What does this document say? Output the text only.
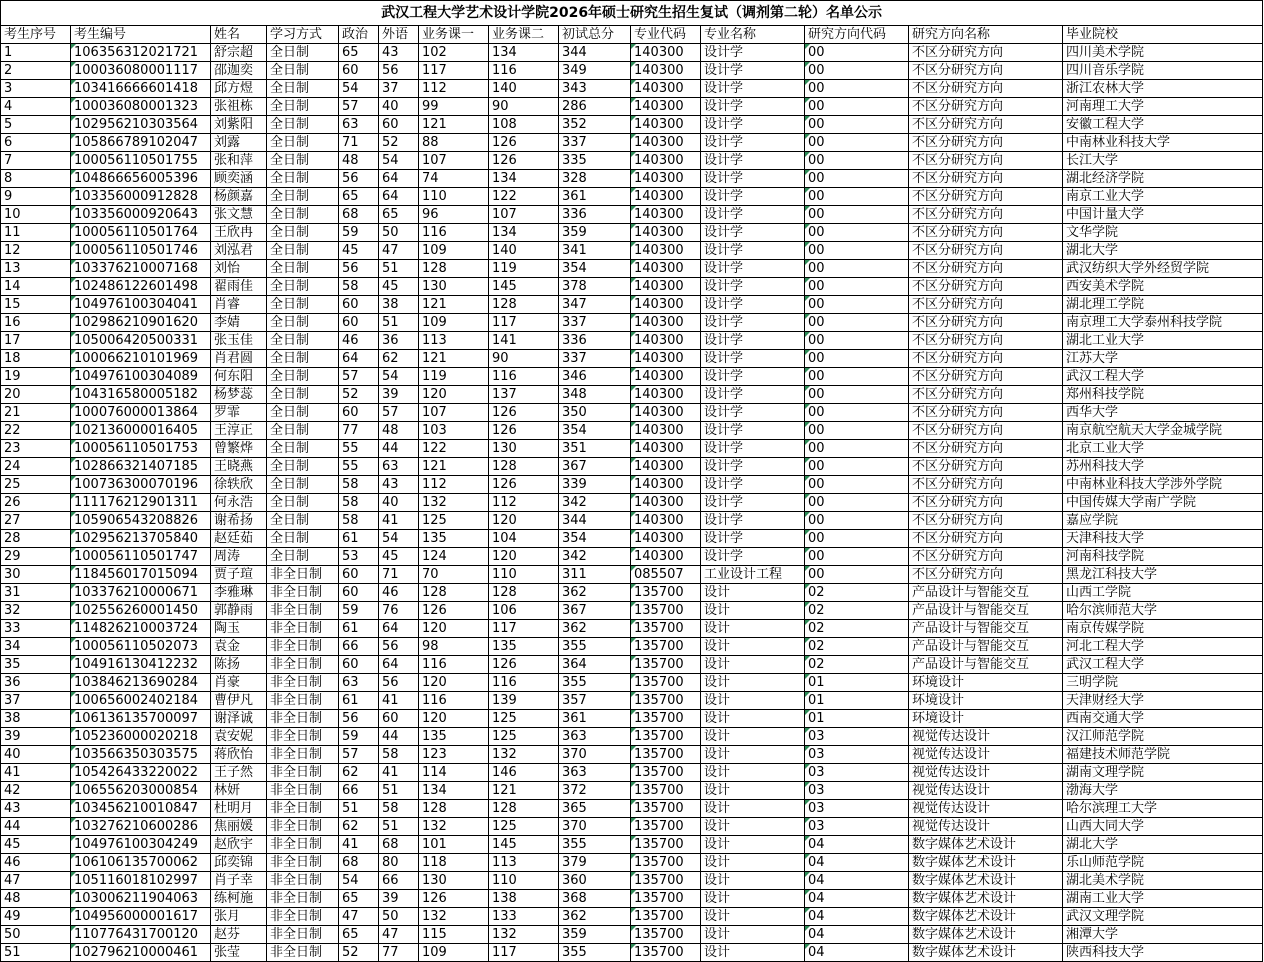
武汉工程大学艺术设计学院2026年硕士研究生招生复试（调剂第二轮）名单公示													
考生序号	考生编号	姓名	学习方式	政治	外语	业务课一	业务课二	初试总分	专业代码	专业名称	研究方向代码	研究方向名称	毕业院校
1	106356312021721	舒宗超	全日制	65	43	102	134	344	140300	设计学	00	不区分研究方向	四川美术学院
2	100036080001117	邵迦奕	全日制	60	56	117	116	349	140300	设计学	00	不区分研究方向	四川音乐学院
3	103416666601418	邱方煜	全日制	54	37	112	140	343	140300	设计学	00	不区分研究方向	浙江农林大学
4	100036080001323	张祖栋	全日制	57	40	99	90	286	140300	设计学	00	不区分研究方向	河南理工大学
5	102956210303564	刘紫阳	全日制	63	60	121	108	352	140300	设计学	00	不区分研究方向	安徽工程大学
6	105866789102047	刘露	全日制	71	52	88	126	337	140300	设计学	00	不区分研究方向	中南林业科技大学
7	100056110501755	张和萍	全日制	48	54	107	126	335	140300	设计学	00	不区分研究方向	长江大学
8	104866656005396	顾奕涵	全日制	56	64	74	134	328	140300	设计学	00	不区分研究方向	湖北经济学院
9	103356000912828	杨颜嘉	全日制	65	64	110	122	361	140300	设计学	00	不区分研究方向	南京工业大学
10	103356000920643	张文慧	全日制	68	65	96	107	336	140300	设计学	00	不区分研究方向	中国计量大学
11	100056110501764	王欣冉	全日制	59	50	116	134	359	140300	设计学	00	不区分研究方向	文华学院
12	100056110501746	刘泓君	全日制	45	47	109	140	341	140300	设计学	00	不区分研究方向	湖北大学
13	103376210007168	刘怡	全日制	56	51	128	119	354	140300	设计学	00	不区分研究方向	武汉纺织大学外经贸学院
14	102486122601498	翟雨佳	全日制	58	45	130	145	378	140300	设计学	00	不区分研究方向	西安美术学院
15	104976100304041	肖睿	全日制	60	38	121	128	347	140300	设计学	00	不区分研究方向	湖北理工学院
16	102986210901620	李婧	全日制	60	51	109	117	337	140300	设计学	00	不区分研究方向	南京理工大学泰州科技学院
17	105006420500331	张玉佳	全日制	46	36	113	141	336	140300	设计学	00	不区分研究方向	湖北工业大学
18	100066210101969	肖君圆	全日制	64	62	121	90	337	140300	设计学	00	不区分研究方向	江苏大学
19	104976100304089	何东阳	全日制	57	54	119	116	346	140300	设计学	00	不区分研究方向	武汉工程大学
20	104316580005182	杨梦蕊	全日制	52	39	120	137	348	140300	设计学	00	不区分研究方向	郑州科技学院
21	100076000013864	罗霏	全日制	60	57	107	126	350	140300	设计学	00	不区分研究方向	西华大学
22	102136000016405	王淳正	全日制	77	48	103	126	354	140300	设计学	00	不区分研究方向	南京航空航天大学金城学院
23	100056110501753	曾繁烨	全日制	55	44	122	130	351	140300	设计学	00	不区分研究方向	北京工业大学
24	102866321407185	王晓燕	全日制	55	63	121	128	367	140300	设计学	00	不区分研究方向	苏州科技大学
25	100736300070196	徐轶欣	全日制	58	43	112	126	339	140300	设计学	00	不区分研究方向	中南林业科技大学涉外学院
26	111176212901311	何永浩	全日制	58	40	132	112	342	140300	设计学	00	不区分研究方向	中国传媒大学南广学院
27	105906543208826	谢希扬	全日制	58	41	125	120	344	140300	设计学	00	不区分研究方向	嘉应学院
28	102956213705840	赵廷茹	全日制	61	54	135	104	354	140300	设计学	00	不区分研究方向	天津科技大学
29	100056110501747	周涛	全日制	53	45	124	120	342	140300	设计学	00	不区分研究方向	河南科技学院
30	118456017015094	贾子瑄	非全日制	60	71	70	110	311	085507	工业设计工程	00	不区分研究方向	黑龙江科技大学
31	103376210000671	李雅琳	非全日制	60	46	128	128	362	135700	设计	02	产品设计与智能交互	山西工学院
32	102556260001450	郭静雨	非全日制	59	76	126	106	367	135700	设计	02	产品设计与智能交互	哈尔滨师范大学
33	114826210003724	陶玉	非全日制	61	64	120	117	362	135700	设计	02	产品设计与智能交互	南京传媒学院
34	100056110502073	袁金	非全日制	66	56	98	135	355	135700	设计	02	产品设计与智能交互	河北工程大学
35	104916130412232	陈扬	非全日制	60	64	116	126	364	135700	设计	02	产品设计与智能交互	武汉工程大学
36	103846213690284	肖豪	非全日制	63	56	120	116	355	135700	设计	01	环境设计	三明学院
37	100656002402184	曹伊凡	非全日制	61	41	116	139	357	135700	设计	01	环境设计	天津财经大学
38	106136135700097	谢泽诚	非全日制	56	60	120	125	361	135700	设计	01	环境设计	西南交通大学
39	105236000020218	袁安妮	非全日制	59	44	135	125	363	135700	设计	03	视觉传达设计	汉江师范学院
40	103566350303575	蒋欣怡	非全日制	57	58	123	132	370	135700	设计	03	视觉传达设计	福建技术师范学院
41	105426433220022	王子然	非全日制	62	41	114	146	363	135700	设计	03	视觉传达设计	湖南文理学院
42	106556203000854	林妍	非全日制	66	51	134	121	372	135700	设计	03	视觉传达设计	渤海大学
43	103456210010847	杜明月	非全日制	51	58	128	128	365	135700	设计	03	视觉传达设计	哈尔滨理工大学
44	103276210600286	焦丽媛	非全日制	62	51	132	125	370	135700	设计	03	视觉传达设计	山西大同大学
45	104976100304249	赵欣宇	非全日制	41	68	101	145	355	135700	设计	04	数字媒体艺术设计	湖北大学
46	106106135700062	邱奕锦	非全日制	68	80	118	113	379	135700	设计	04	数字媒体艺术设计	乐山师范学院
47	105116018102997	肖子幸	非全日制	54	66	130	110	360	135700	设计	04	数字媒体艺术设计	湖北美术学院
48	103006211904063	练柯施	非全日制	65	39	126	138	368	135700	设计	04	数字媒体艺术设计	湖南工业大学
49	104956000001617	张月	非全日制	47	50	132	133	362	135700	设计	04	数字媒体艺术设计	武汉文理学院
50	110776431700120	赵芬	非全日制	65	47	115	132	359	135700	设计	04	数字媒体艺术设计	湘潭大学
51	102796210000461	张莹	非全日制	52	77	109	117	355	135700	设计	04	数字媒体艺术设计	陕西科技大学
